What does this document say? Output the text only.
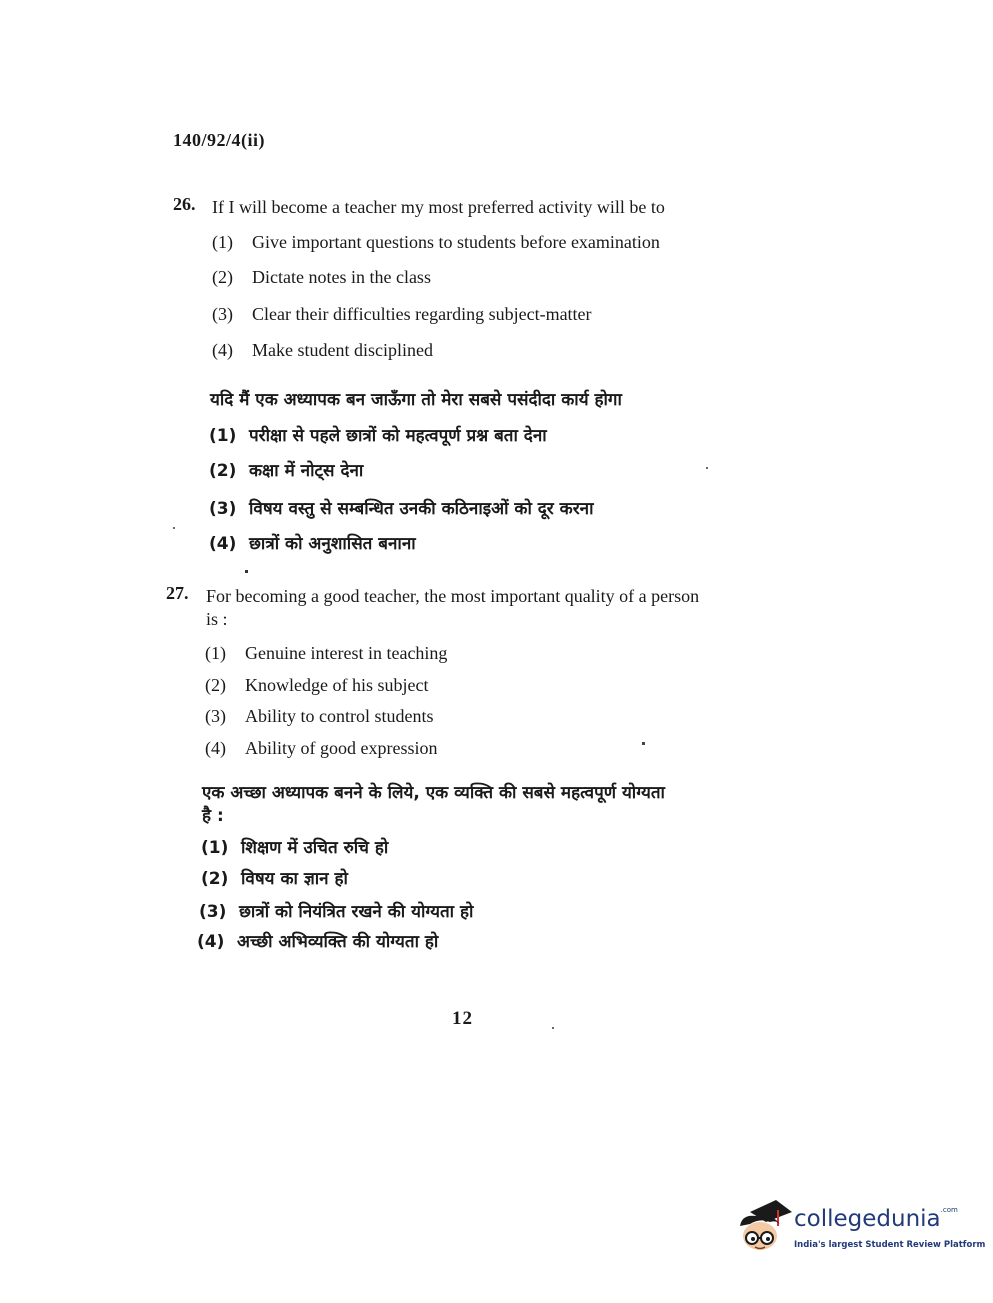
140/92/4(ii)
26. If I will become a teacher my most preferred activity will be to
(1) Give important questions to students before examination
(2) Dictate notes in the class
(3) Clear their difficulties regarding subject-matter
(4) Make student disciplined
यदि मैं एक अध्यापक बन जाऊँगा तो मेरा सबसे पसंदीदा कार्य होगा
(1) परीक्षा से पहले छात्रों को महत्वपूर्ण प्रश्न बता देना
(2) कक्षा में नोट्स देना
(3) विषय वस्तु से सम्बन्धित उनकी कठिनाइओं को दूर करना
(4) छात्रों को अनुशासित बनाना
27. For becoming a good teacher, the most important quality of a person
is :
(1) Genuine interest in teaching
(2) Knowledge of his subject
(3) Ability to control students
(4) Ability of good expression
एक अच्छा अध्यापक बनने के लिये, एक व्यक्ति की सबसे महत्वपूर्ण योग्यता
है :
(1) शिक्षण में उचित रुचि हो
(2) विषय का ज्ञान हो
(3) छात्रों को नियंत्रित रखने की योग्यता हो
(4) अच्छी अभिव्यक्ति की योग्यता हो
12
collegedunia$^{.com}$
India's largest Student Review Platform
